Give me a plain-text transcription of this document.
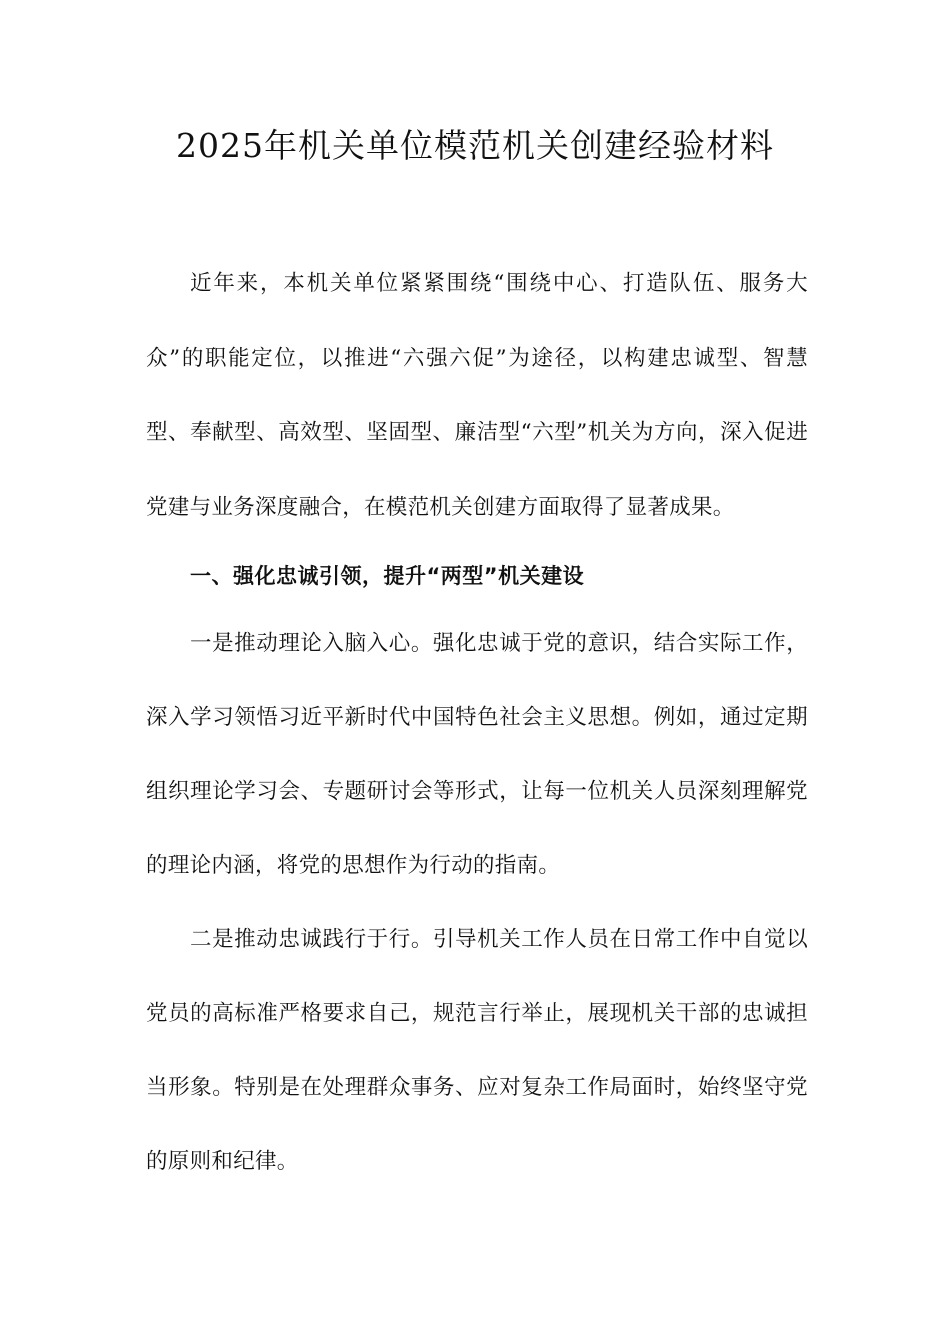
2025年机关单位模范机关创建经验材料

近年来，本机关单位紧紧围绕“围绕中心、打造队伍、服务大众”的职能定位，以推进“六强六促”为途径，以构建忠诚型、智慧型、奉献型、高效型、坚固型、廉洁型“六型”机关为方向，深入促进党建与业务深度融合，在模范机关创建方面取得了显著成果。

一、强化忠诚引领，提升“两型”机关建设

一是推动理论入脑入心。强化忠诚于党的意识，结合实际工作，深入学习领悟习近平新时代中国特色社会主义思想。例如，通过定期组织理论学习会、专题研讨会等形式，让每一位机关人员深刻理解党的理论内涵，将党的思想作为行动的指南。

二是推动忠诚践行于行。引导机关工作人员在日常工作中自觉以党员的高标准严格要求自己，规范言行举止，展现机关干部的忠诚担当形象。特别是在处理群众事务、应对复杂工作局面时，始终坚守党的原则和纪律。
